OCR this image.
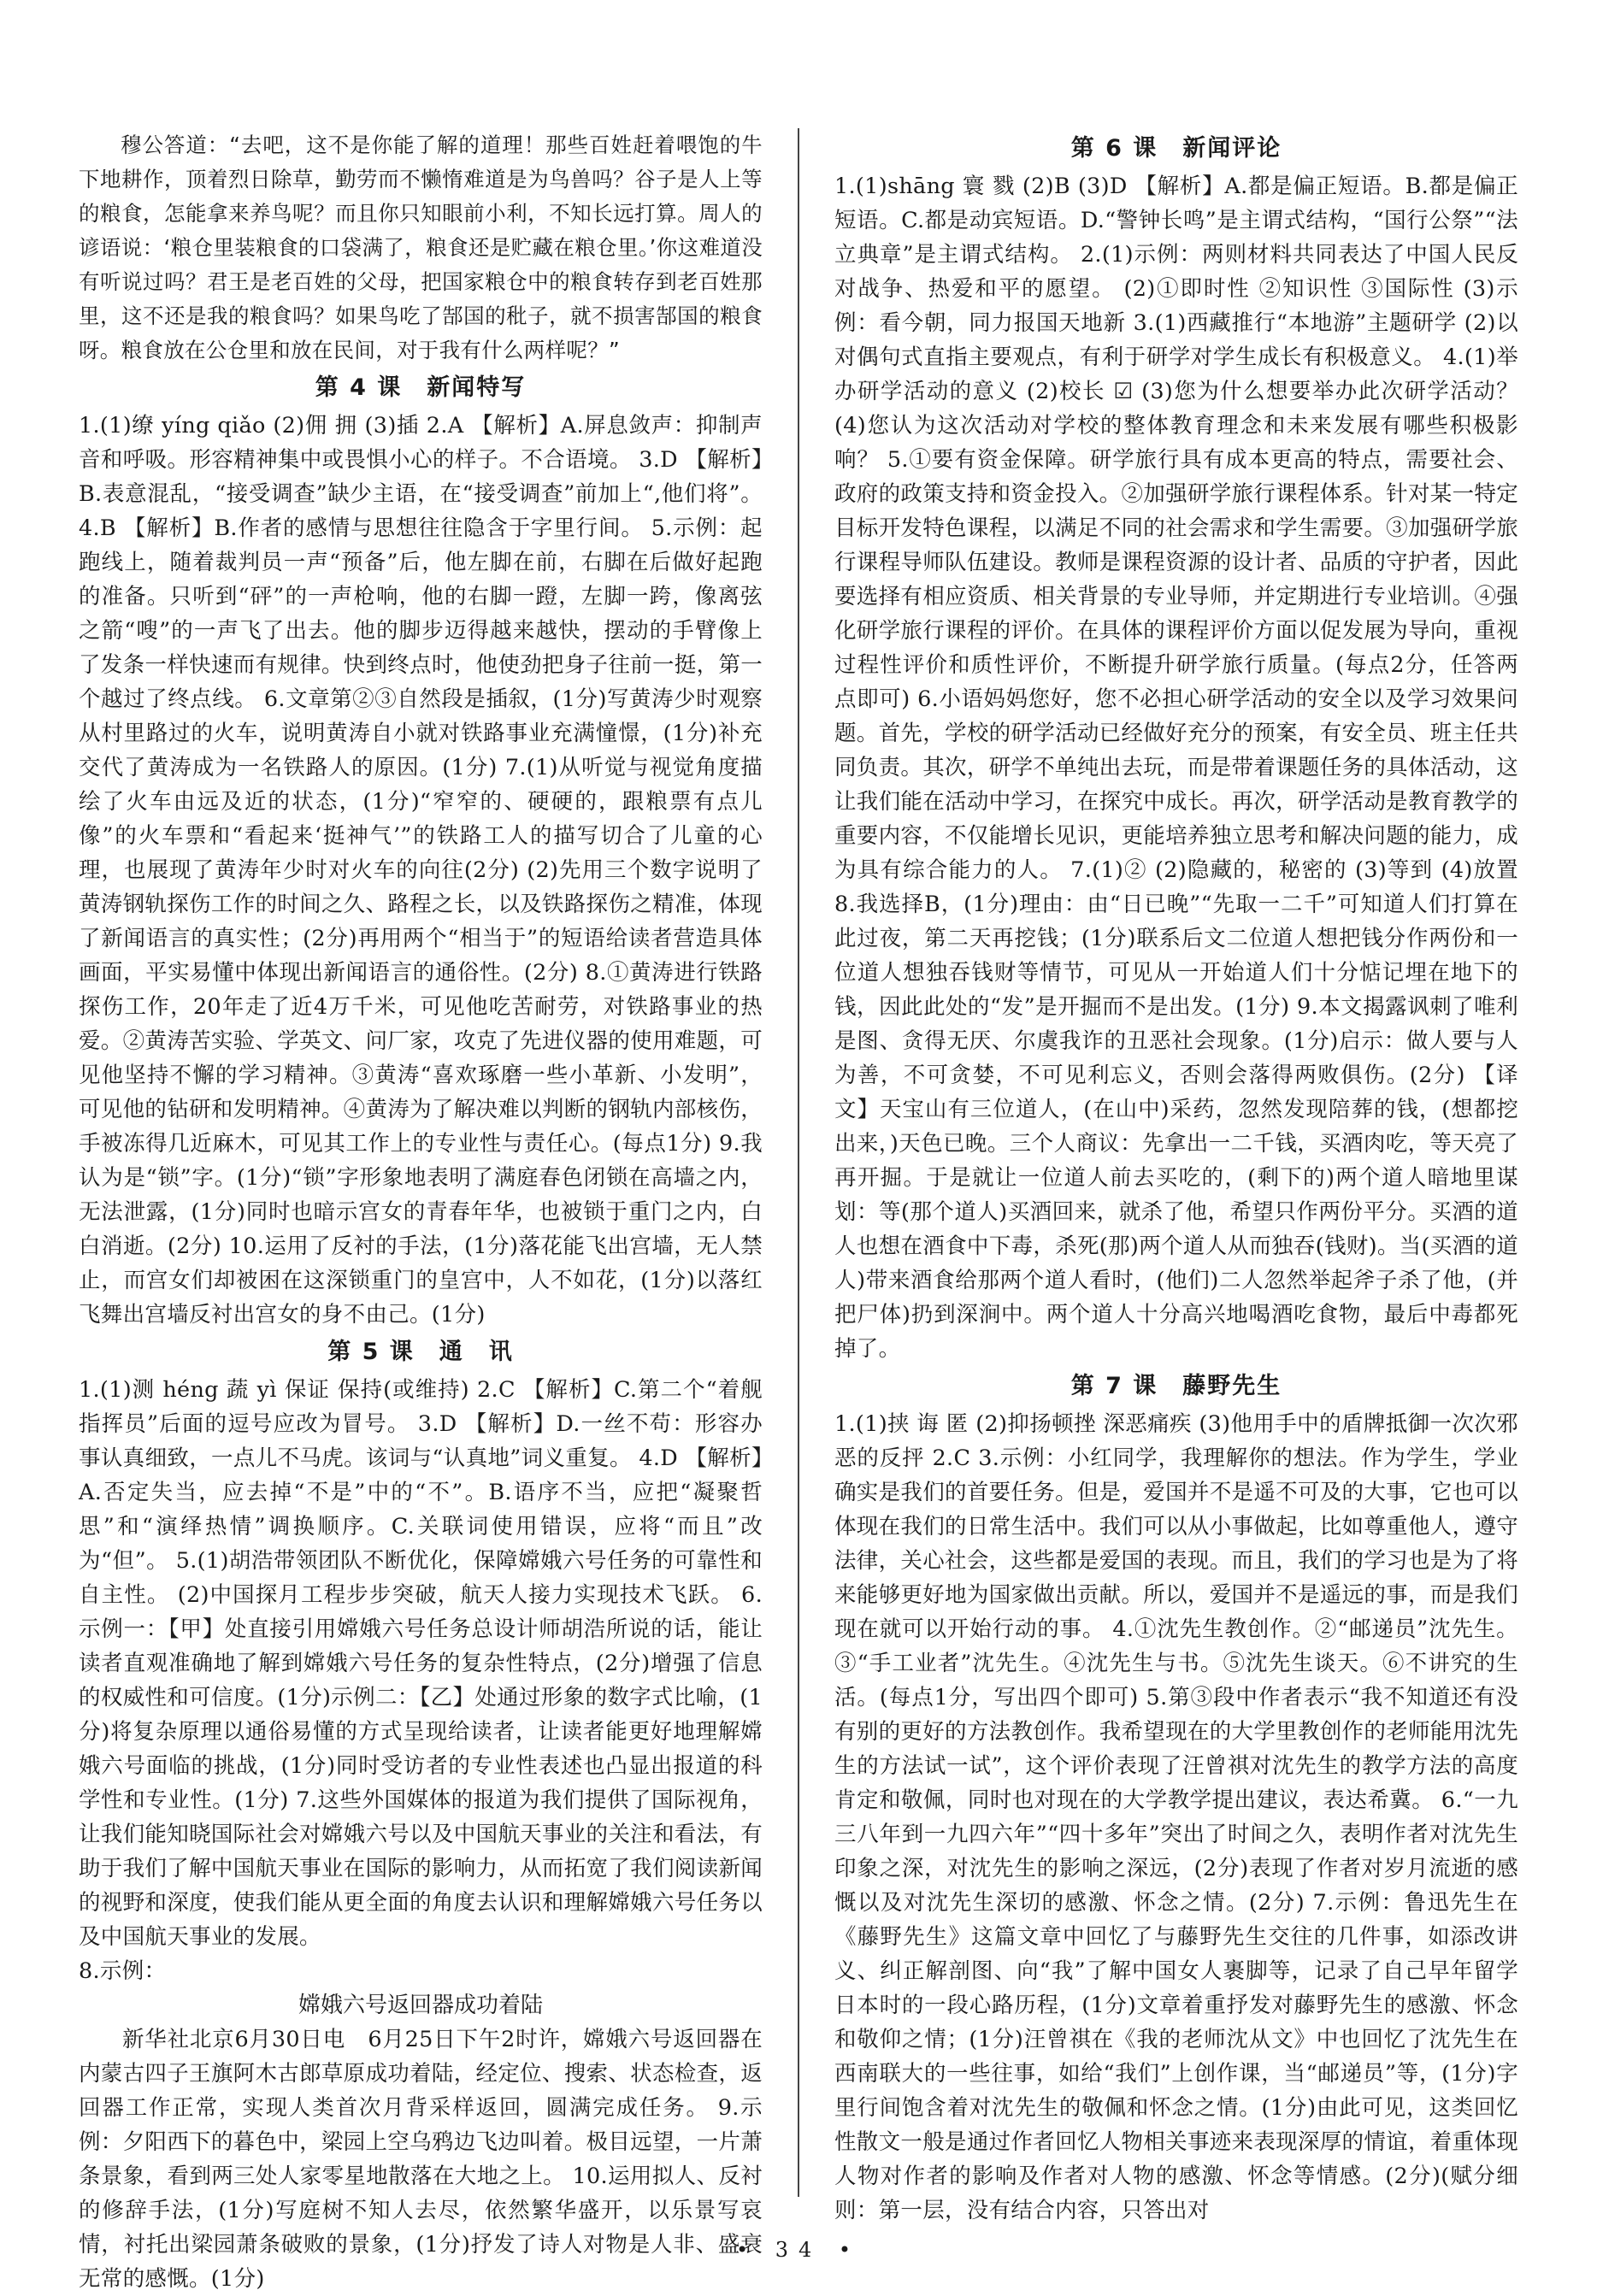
穆公答道：“去吧，这不是你能了解的道理！那些百姓赶着喂饱的牛下地耕作，顶着烈日除草，勤劳而不懒惰难道是为鸟兽吗？谷子是人上等的粮食，怎能拿来养鸟呢？而且你只知眼前小利，不知长远打算。周人的谚语说：‘粮仓里装粮食的口袋满了，粮食还是贮藏在粮仓里。’你这难道没有听说过吗？君王是老百姓的父母，把国家粮仓中的粮食转存到老百姓那里，这不还是我的粮食吗？如果鸟吃了郜国的秕子，就不损害郜国的粮食呀。粮食放在公仓里和放在民间，对于我有什么两样呢？”

第 4 课　新闻特写

1.(1)缭 yíng qiǎo (2)佣 拥 (3)插 2.A 【解析】A.屏息敛声：抑制声音和呼吸。形容精神集中或畏惧小心的样子。不合语境。 3.D 【解析】B.表意混乱，“接受调查”缺少主语，在“接受调查”前加上“,他们将”。 4.B 【解析】B.作者的感情与思想往往隐含于字里行间。 5.示例：起跑线上，随着裁判员一声“预备”后，他左脚在前，右脚在后做好起跑的准备。只听到“砰”的一声枪响，他的右脚一蹬，左脚一跨，像离弦之箭“嗖”的一声飞了出去。他的脚步迈得越来越快，摆动的手臂像上了发条一样快速而有规律。快到终点时，他使劲把身子往前一挺，第一个越过了终点线。 6.文章第②③自然段是插叙，(1分)写黄涛少时观察从村里路过的火车，说明黄涛自小就对铁路事业充满憧憬，(1分)补充交代了黄涛成为一名铁路人的原因。(1分) 7.(1)从听觉与视觉角度描绘了火车由远及近的状态，(1分)“窄窄的、硬硬的，跟粮票有点儿像”的火车票和“看起来‘挺神气’”的铁路工人的描写切合了儿童的心理，也展现了黄涛年少时对火车的向往(2分) (2)先用三个数字说明了黄涛钢轨探伤工作的时间之久、路程之长，以及铁路探伤之精准，体现了新闻语言的真实性；(2分)再用两个“相当于”的短语给读者营造具体画面，平实易懂中体现出新闻语言的通俗性。(2分) 8.①黄涛进行铁路探伤工作，20年走了近4万千米，可见他吃苦耐劳，对铁路事业的热爱。②黄涛苦实验、学英文、问厂家，攻克了先进仪器的使用难题，可见他坚持不懈的学习精神。③黄涛“喜欢琢磨一些小革新、小发明”，可见他的钻研和发明精神。④黄涛为了解决难以判断的钢轨内部核伤，手被冻得几近麻木，可见其工作上的专业性与责任心。(每点1分) 9.我认为是“锁”字。(1分)“锁”字形象地表明了满庭春色闭锁在高墙之内，无法泄露，(1分)同时也暗示宫女的青春年华，也被锁于重门之内，白白消逝。(2分) 10.运用了反衬的手法，(1分)落花能飞出宫墙，无人禁止，而宫女们却被困在这深锁重门的皇宫中，人不如花，(1分)以落红飞舞出宫墙反衬出宫女的身不由己。(1分)

第 5 课　通　讯

1.(1)测 héng 蔬 yì 保证 保持(或维持) 2.C 【解析】C.第二个“着舰指挥员”后面的逗号应改为冒号。 3.D 【解析】D.一丝不苟：形容办事认真细致，一点儿不马虎。该词与“认真地”词义重复。 4.D 【解析】A.否定失当，应去掉“不是”中的“不”。B.语序不当，应把“凝聚哲思”和“演绎热情”调换顺序。C.关联词使用错误，应将“而且”改为“但”。 5.(1)胡浩带领团队不断优化，保障嫦娥六号任务的可靠性和自主性。 (2)中国探月工程步步突破，航天人接力实现技术飞跃。 6.示例一：【甲】处直接引用嫦娥六号任务总设计师胡浩所说的话，能让读者直观准确地了解到嫦娥六号任务的复杂性特点，(2分)增强了信息的权威性和可信度。(1分)示例二：【乙】处通过形象的数字式比喻，(1分)将复杂原理以通俗易懂的方式呈现给读者，让读者能更好地理解嫦娥六号面临的挑战，(1分)同时受访者的专业性表述也凸显出报道的科学性和专业性。(1分) 7.这些外国媒体的报道为我们提供了国际视角，让我们能知晓国际社会对嫦娥六号以及中国航天事业的关注和看法，有助于我们了解中国航天事业在国际的影响力，从而拓宽了我们阅读新闻的视野和深度，使我们能从更全面的角度去认识和理解嫦娥六号任务以及中国航天事业的发展。

8.示例：

嫦娥六号返回器成功着陆

新华社北京6月30日电　6月25日下午2时许，嫦娥六号返回器在内蒙古四子王旗阿木古郎草原成功着陆，经定位、搜索、状态检查，返回器工作正常，实现人类首次月背采样返回，圆满完成任务。 9.示例：夕阳西下的暮色中，梁园上空乌鸦边飞边叫着。极目远望，一片萧条景象，看到两三处人家零星地散落在大地之上。 10.运用拟人、反衬的修辞手法，(1分)写庭树不知人去尽，依然繁华盛开，以乐景写哀情，衬托出梁园萧条破败的景象，(1分)抒发了诗人对物是人非、盛衰无常的感慨。(1分)

第 6 课　新闻评论

1.(1)shāng 寰 戮 (2)B (3)D 【解析】A.都是偏正短语。B.都是偏正短语。C.都是动宾短语。D.“警钟长鸣”是主谓式结构，“国行公祭”“法立典章”是主谓式结构。 2.(1)示例：两则材料共同表达了中国人民反对战争、热爱和平的愿望。 (2)①即时性 ②知识性 ③国际性 (3)示例：看今朝，同力报国天地新 3.(1)西藏推行“本地游”主题研学 (2)以对偶句式直指主要观点，有利于研学对学生成长有积极意义。 4.(1)举办研学活动的意义 (2)校长 ☑ (3)您为什么想要举办此次研学活动？(4)您认为这次活动对学校的整体教育理念和未来发展有哪些积极影响？ 5.①要有资金保障。研学旅行具有成本更高的特点，需要社会、政府的政策支持和资金投入。②加强研学旅行课程体系。针对某一特定目标开发特色课程，以满足不同的社会需求和学生需要。③加强研学旅行课程导师队伍建设。教师是课程资源的设计者、品质的守护者，因此要选择有相应资质、相关背景的专业导师，并定期进行专业培训。④强化研学旅行课程的评价。在具体的课程评价方面以促发展为导向，重视过程性评价和质性评价，不断提升研学旅行质量。(每点2分，任答两点即可) 6.小语妈妈您好，您不必担心研学活动的安全以及学习效果问题。首先，学校的研学活动已经做好充分的预案，有安全员、班主任共同负责。其次，研学不单纯出去玩，而是带着课题任务的具体活动，这让我们能在活动中学习，在探究中成长。再次，研学活动是教育教学的重要内容，不仅能增长见识，更能培养独立思考和解决问题的能力，成为具有综合能力的人。 7.(1)② (2)隐藏的，秘密的 (3)等到 (4)放置 8.我选择B，(1分)理由：由“日已晚”“先取一二千”可知道人们打算在此过夜，第二天再挖钱；(1分)联系后文二位道人想把钱分作两份和一位道人想独吞钱财等情节，可见从一开始道人们十分惦记埋在地下的钱，因此此处的“发”是开掘而不是出发。(1分) 9.本文揭露讽刺了唯利是图、贪得无厌、尔虞我诈的丑恶社会现象。(1分)启示：做人要与人为善，不可贪婪，不可见利忘义，否则会落得两败俱伤。(2分) 【译文】天宝山有三位道人，(在山中)采药，忽然发现陪葬的钱，(想都挖出来，)天色已晚。三个人商议：先拿出一二千钱，买酒肉吃，等天亮了再开掘。于是就让一位道人前去买吃的，(剩下的)两个道人暗地里谋划：等(那个道人)买酒回来，就杀了他，希望只作两份平分。买酒的道人也想在酒食中下毒，杀死(那)两个道人从而独吞(钱财)。当(买酒的道人)带来酒食给那两个道人看时，(他们)二人忽然举起斧子杀了他，(并把尸体)扔到深涧中。两个道人十分高兴地喝酒吃食物，最后中毒都死掉了。

第 7 课　藤野先生

1.(1)挟 诲 匿 (2)抑扬顿挫 深恶痛疾 (3)他用手中的盾牌抵御一次次邪恶的反抨 2.C 3.示例：小红同学，我理解你的想法。作为学生，学业确实是我们的首要任务。但是，爱国并不是遥不可及的大事，它也可以体现在我们的日常生活中。我们可以从小事做起，比如尊重他人，遵守法律，关心社会，这些都是爱国的表现。而且，我们的学习也是为了将来能够更好地为国家做出贡献。所以，爱国并不是遥远的事，而是我们现在就可以开始行动的事。 4.①沈先生教创作。②“邮递员”沈先生。③“手工业者”沈先生。④沈先生与书。⑤沈先生谈天。⑥不讲究的生活。(每点1分，写出四个即可) 5.第③段中作者表示“我不知道还有没有别的更好的方法教创作。我希望现在的大学里教创作的老师能用沈先生的方法试一试”，这个评价表现了汪曾祺对沈先生的教学方法的高度肯定和敬佩，同时也对现在的大学教学提出建议，表达希冀。 6.“一九三八年到一九四六年”“四十多年”突出了时间之久，表明作者对沈先生印象之深，对沈先生的影响之深远，(2分)表现了作者对岁月流逝的感慨以及对沈先生深切的感激、怀念之情。(2分) 7.示例：鲁迅先生在《藤野先生》这篇文章中回忆了与藤野先生交往的几件事，如添改讲义、纠正解剖图、向“我”了解中国女人裹脚等，记录了自己早年留学日本时的一段心路历程，(1分)文章着重抒发对藤野先生的感激、怀念和敬仰之情；(1分)汪曾祺在《我的老师沈从文》中也回忆了沈先生在西南联大的一些往事，如给“我们”上创作课，当“邮递员”等，(1分)字里行间饱含着对沈先生的敬佩和怀念之情。(1分)由此可见，这类回忆性散文一般是通过作者回忆人物相关事迹来表现深厚的情谊，着重体现人物对作者的影响及作者对人物的感激、怀念等情感。(2分)(赋分细则：第一层，没有结合内容，只答出对

• 34 •
